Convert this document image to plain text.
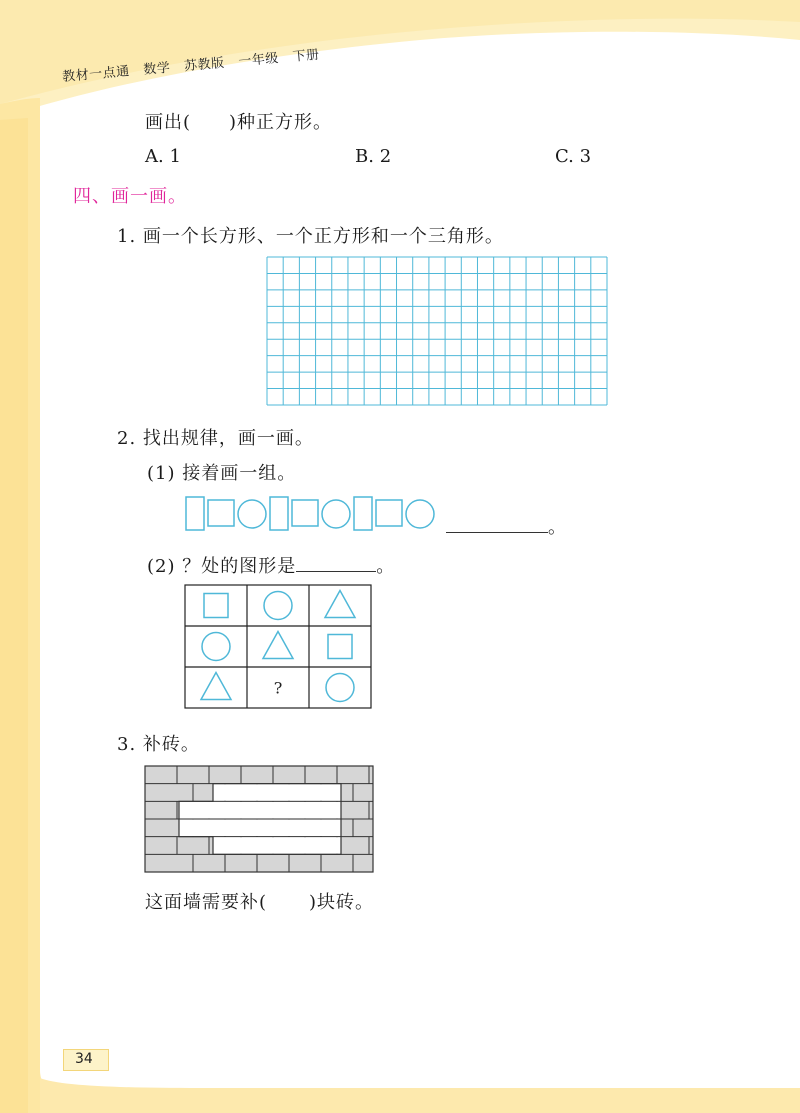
教材一点通 数学 苏教版 一年级 下册
画出( )种正方形。
A. 1	B. 2	C. 3
四、画一画。
1. 画一个长方形、一个正方形和一个三角形。
2. 找出规律，画一画。
(1) 接着画一组。
。
(2) ？处的图形是	。
?
3. 补砖。
这面墙需要补( )块砖。
34
